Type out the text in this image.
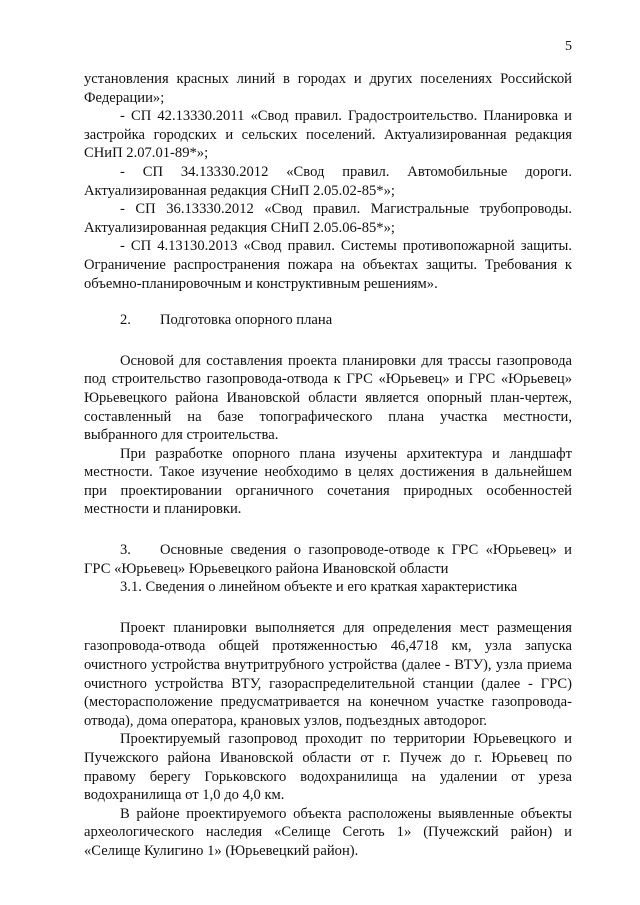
5

установления красных линий в городах и других поселениях Российской Федерации»;

- СП 42.13330.2011 «Свод правил. Градостроительство. Планировка и застройка городских и сельских поселений. Актуализированная редакция СНиП 2.07.01-89*»;

- СП 34.13330.2012 «Свод правил. Автомобильные дороги. Актуализированная редакция СНиП 2.05.02-85*»;

- СП 36.13330.2012 «Свод правил. Магистральные трубопроводы. Актуализированная редакция СНиП 2.05.06-85*»;

- СП 4.13130.2013 «Свод правил. Системы противопожарной защиты. Ограничение распространения пожара на объектах защиты. Требования к объемно-планировочным и конструктивным решениям».

2. Подготовка опорного плана

Основой для составления проекта планировки для трассы газопровода под строительство газопровода-отвода к ГРС «Юрьевец» и ГРС «Юрьевец» Юрьевецкого района Ивановской области является опорный план-чертеж, составленный на базе топографического плана участка местности, выбранного для строительства.

При разработке опорного плана изучены архитектура и ландшафт местности. Такое изучение необходимо в целях достижения в дальнейшем при проектировании органичного сочетания природных особенностей местности и планировки.

3. Основные сведения о газопроводе-отводе к ГРС «Юрьевец» и ГРС «Юрьевец» Юрьевецкого района Ивановской области

3.1. Сведения о линейном объекте и его краткая характеристика

Проект планировки выполняется для определения мест размещения газопровода-отвода общей протяженностью 46,4718 км, узла запуска очистного устройства внутритрубного устройства (далее - ВТУ), узла приема очистного устройства ВТУ, газораспределительной станции (далее - ГРС) (месторасположение предусматривается на конечном участке газопровода-отвода), дома оператора, крановых узлов, подъездных автодорог.

Проектируемый газопровод проходит по территории Юрьевецкого и Пучежского района Ивановской области от г. Пучеж до г. Юрьевец по правому берегу Горьковского водохранилища на удалении от уреза водохранилища от 1,0 до 4,0 км.

В районе проектируемого объекта расположены выявленные объекты археологического наследия «Селище Сеготь 1» (Пучежский район) и «Селище Кулигино 1» (Юрьевецкий район).
